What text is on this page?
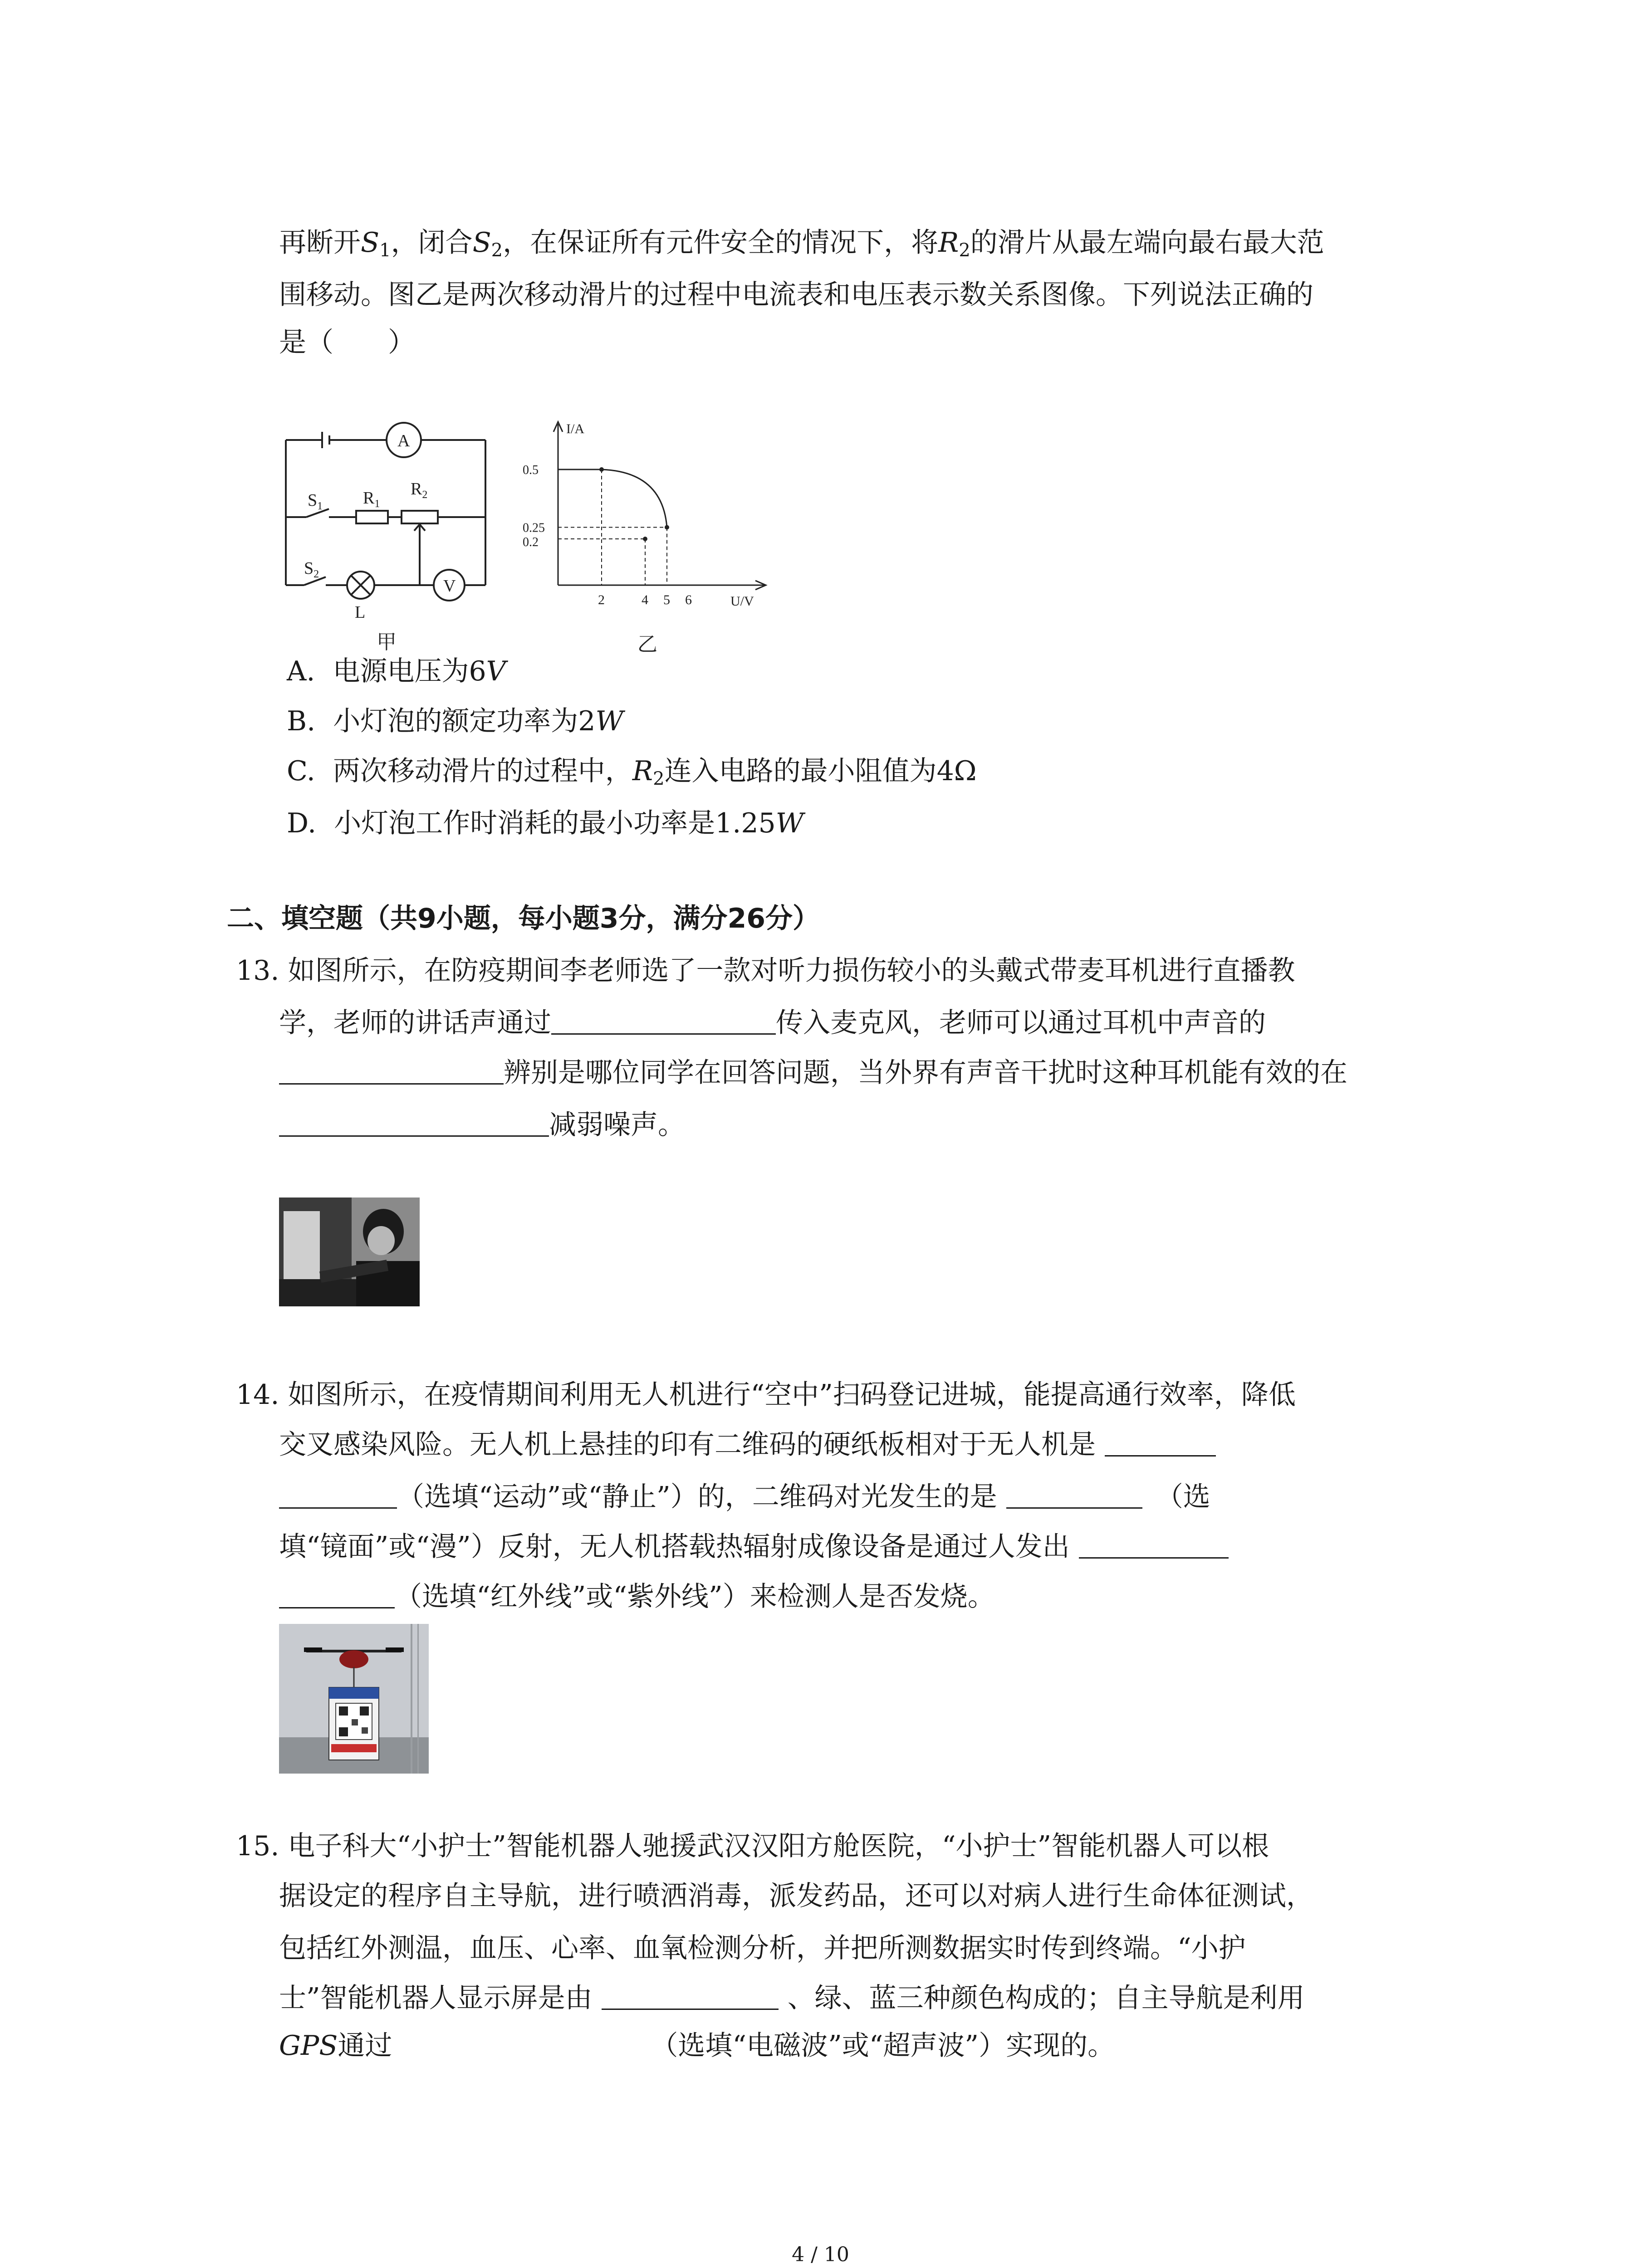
再断开$S_1$，闭合$S_2$，在保证所有元件安全的情况下，将$R_2$的滑片从最左端向最右最大范
围移动。图乙是两次移动滑片的过程中电流表和电压表示数关系图像。下列说法正确的
是（　　）
A
V
$S_1$
$S_2$
$R_1$
$R_2$
L
甲
2	4 5 6
0.5
0.25
0.2
I/A
U/V
乙
A. 电源电压为6V
B. 小灯泡的额定功率为2W
C. 两次移动滑片的过程中，$R_2$连入电路的最小阻值为4Ω
D. 小灯泡工作时消耗的最小功率是1.25W
二、填空题（共9小题，每小题3分，满分26分）
13. 如图所示，在防疫期间李老师选了一款对听力损伤较小的头戴式带麦耳机进行直播教
学，老师的讲话声通过	传入麦克风，老师可以通过耳机中声音的
辨别是哪位同学在回答问题，当外界有声音干扰时这种耳机能有效的在
减弱噪声。
14. 如图所示，在疫情期间利用无人机进行“空中”扫码登记进城，能提高通行效率，降低
交叉感染风险。无人机上悬挂的印有二维码的硬纸板相对于无人机是
（选填“运动”或“静止”）的，二维码对光发生的是	（选
填“镜面”或“漫”）反射，无人机搭载热辐射成像设备是通过人发出
（选填“红外线”或“紫外线”）来检测人是否发烧。
15. 电子科大“小护士”智能机器人驰援武汉汉阳方舱医院，“小护士”智能机器人可以根
据设定的程序自主导航，进行喷洒消毒，派发药品，还可以对病人进行生命体征测试，
包括红外测温，血压、心率、血氧检测分析，并把所测数据实时传到终端。“小护
士”智能机器人显示屏是由	、绿、蓝三种颜色构成的；自主导航是利用
GPS通过	（选填“电磁波”或“超声波”）实现的。
4 / 10
